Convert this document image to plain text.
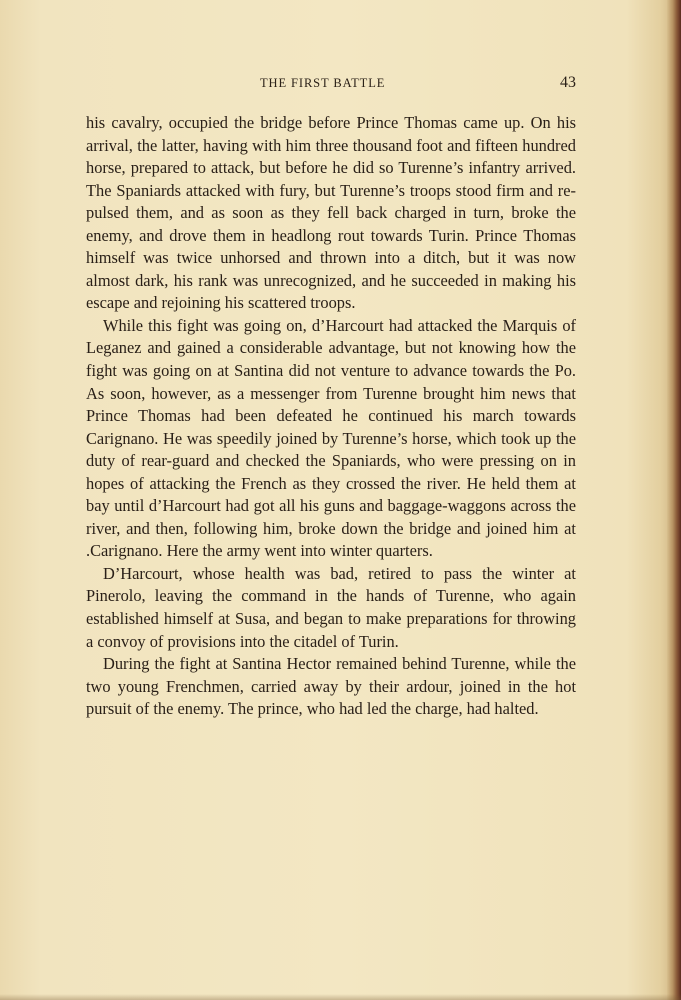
THE FIRST BATTLE	43

his cavalry, occupied the bridge before Prince Thomas came up. On his arrival, the latter, having with him three thousand foot and fifteen hundred horse, prepared to attack, but before he did so Turenne’s infantry arrived. The Spaniards attacked with fury, but Turenne’s troops stood firm and repulsed them, and as soon as they fell back charged in turn, broke the enemy, and drove them in headlong rout towards Turin. Prince Thomas himself was twice unhorsed and thrown into a ditch, but it was now almost dark, his rank was unrecognized, and he succeeded in making his escape and rejoining his scattered troops.

While this fight was going on, d’Harcourt had attacked the Marquis of Leganez and gained a considerable advantage, but not knowing how the fight was going on at Santina did not venture to advance towards the Po. As soon, however, as a messenger from Turenne brought him news that Prince Thomas had been defeated he continued his march towards Carignano. He was speedily joined by Turenne’s horse, which took up the duty of rear-guard and checked the Spaniards, who were pressing on in hopes of attacking the French as they crossed the river. He held them at bay until d’Harcourt had got all his guns and baggage-waggons across the river, and then, following him, broke down the bridge and joined him at .Carignano. Here the army went into winter quarters.

D’Harcourt, whose health was bad, retired to pass the winter at Pinerolo, leaving the command in the hands of Turenne, who again established himself at Susa, and began to make preparations for throwing a convoy of provisions into the citadel of Turin.

During the fight at Santina Hector remained behind Turenne, while the two young Frenchmen, carried away by their ardour, joined in the hot pursuit of the enemy. The prince, who had led the charge, had halted.
